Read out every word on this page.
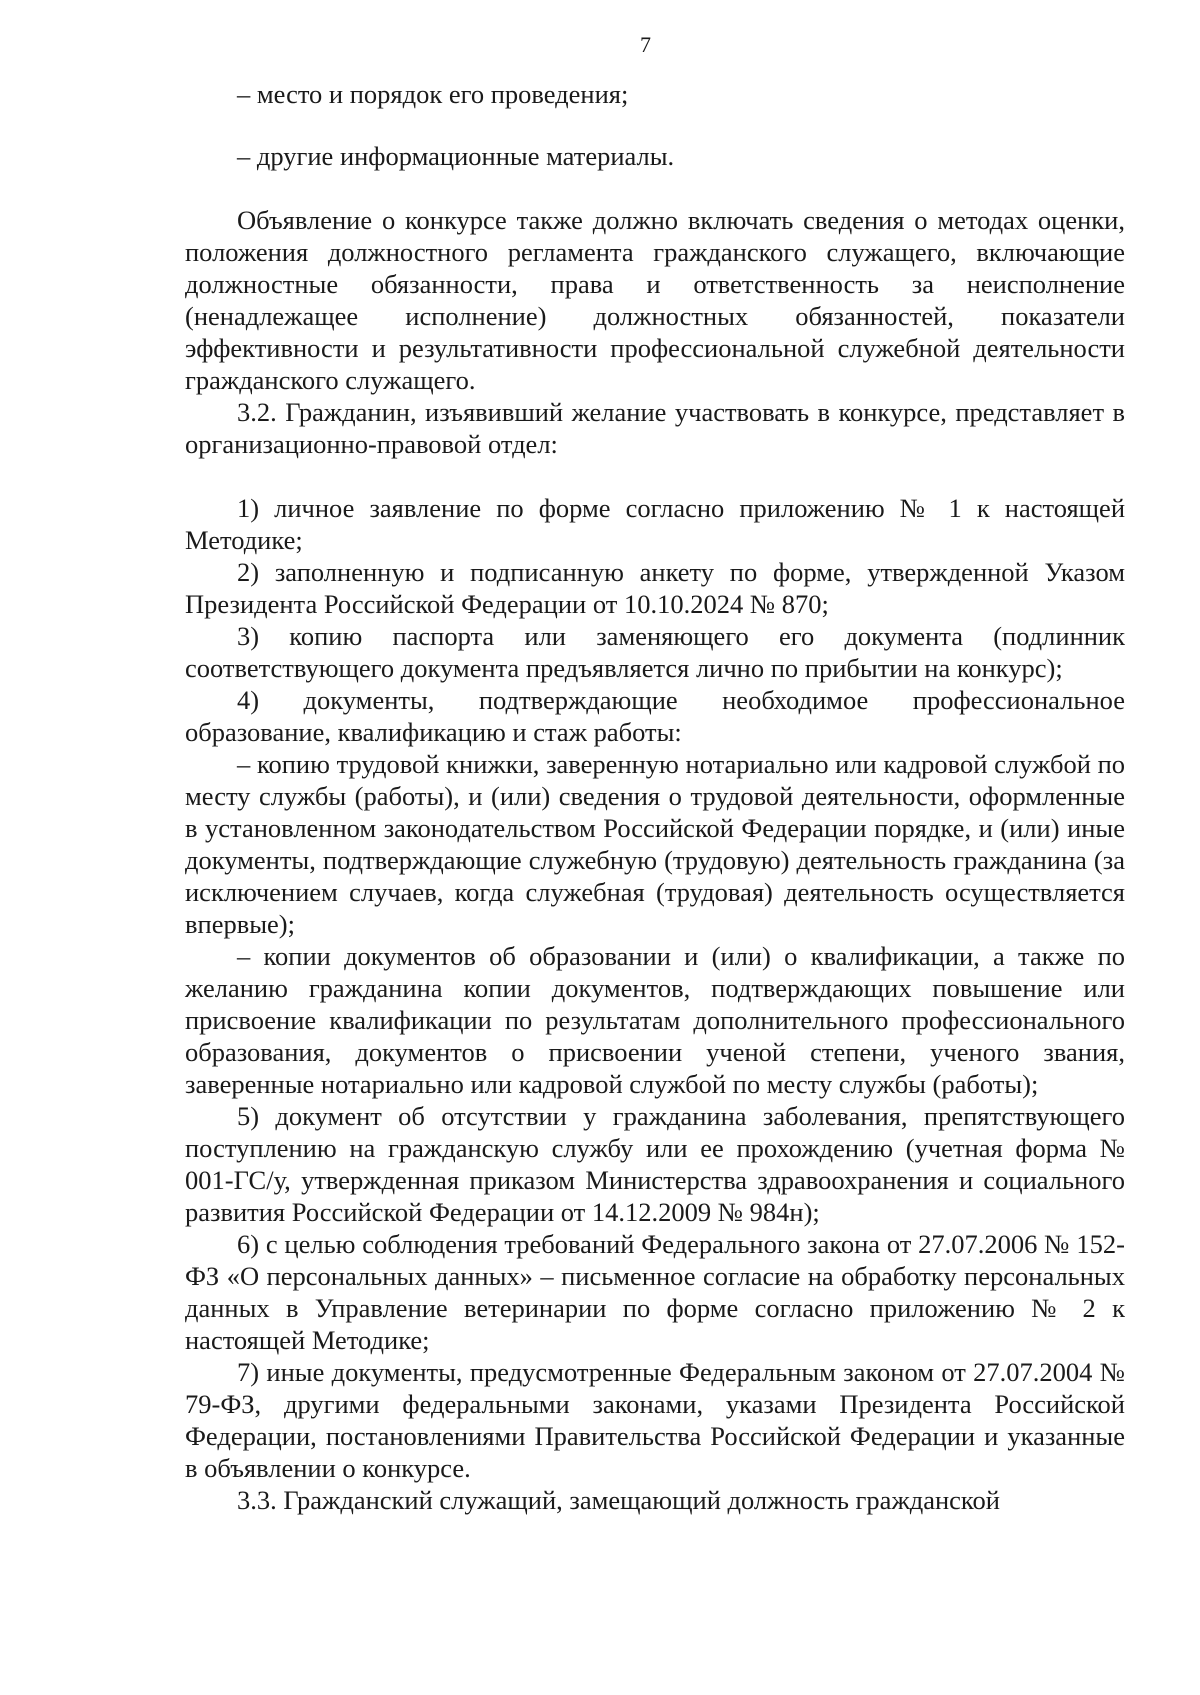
7

– место и порядок его проведения;

– другие информационные материалы.

Объявление о конкурсе также должно включать сведения о методах оценки, положения должностного регламента гражданского служащего, включающие должностные обязанности, права и ответственность за неисполнение (ненадлежащее исполнение) должностных обязанностей, показатели эффективности и результативности профессиональной служебной деятельности гражданского служащего.

3.2. Гражданин, изъявивший желание участвовать в конкурсе, представляет в организационно-правовой отдел:

1) личное заявление по форме согласно приложению № 1 к настоящей Методике;

2) заполненную и подписанную анкету по форме, утвержденной Указом Президента Российской Федерации от 10.10.2024 № 870;

3) копию паспорта или заменяющего его документа (подлинник соответствующего документа предъявляется лично по прибытии на конкурс);

4) документы, подтверждающие необходимое профессиональное образование, квалификацию и стаж работы:

– копию трудовой книжки, заверенную нотариально или кадровой службой по месту службы (работы), и (или) сведения о трудовой деятельности, оформленные в установленном законодательством Российской Федерации порядке, и (или) иные документы, подтверждающие служебную (трудовую) деятельность гражданина (за исключением случаев, когда служебная (трудовая) деятельность осуществляется впервые);

– копии документов об образовании и (или) о квалификации, а также по желанию гражданина копии документов, подтверждающих повышение или присвоение квалификации по результатам дополнительного профессионального образования, документов о присвоении ученой степени, ученого звания, заверенные нотариально или кадровой службой по месту службы (работы);

5) документ об отсутствии у гражданина заболевания, препятствующего поступлению на гражданскую службу или ее прохождению (учетная форма № 001-ГС/у, утвержденная приказом Министерства здравоохранения и социального развития Российской Федерации от 14.12.2009 № 984н);

6) с целью соблюдения требований Федерального закона от 27.07.2006 № 152-ФЗ «О персональных данных» – письменное согласие на обработку персональных данных в Управление ветеринарии по форме согласно приложению № 2 к настоящей Методике;

7) иные документы, предусмотренные Федеральным законом от 27.07.2004 № 79-ФЗ, другими федеральными законами, указами Президента Российской Федерации, постановлениями Правительства Российской Федерации и указанные в объявлении о конкурсе.

3.3. Гражданский служащий, замещающий должность гражданской
